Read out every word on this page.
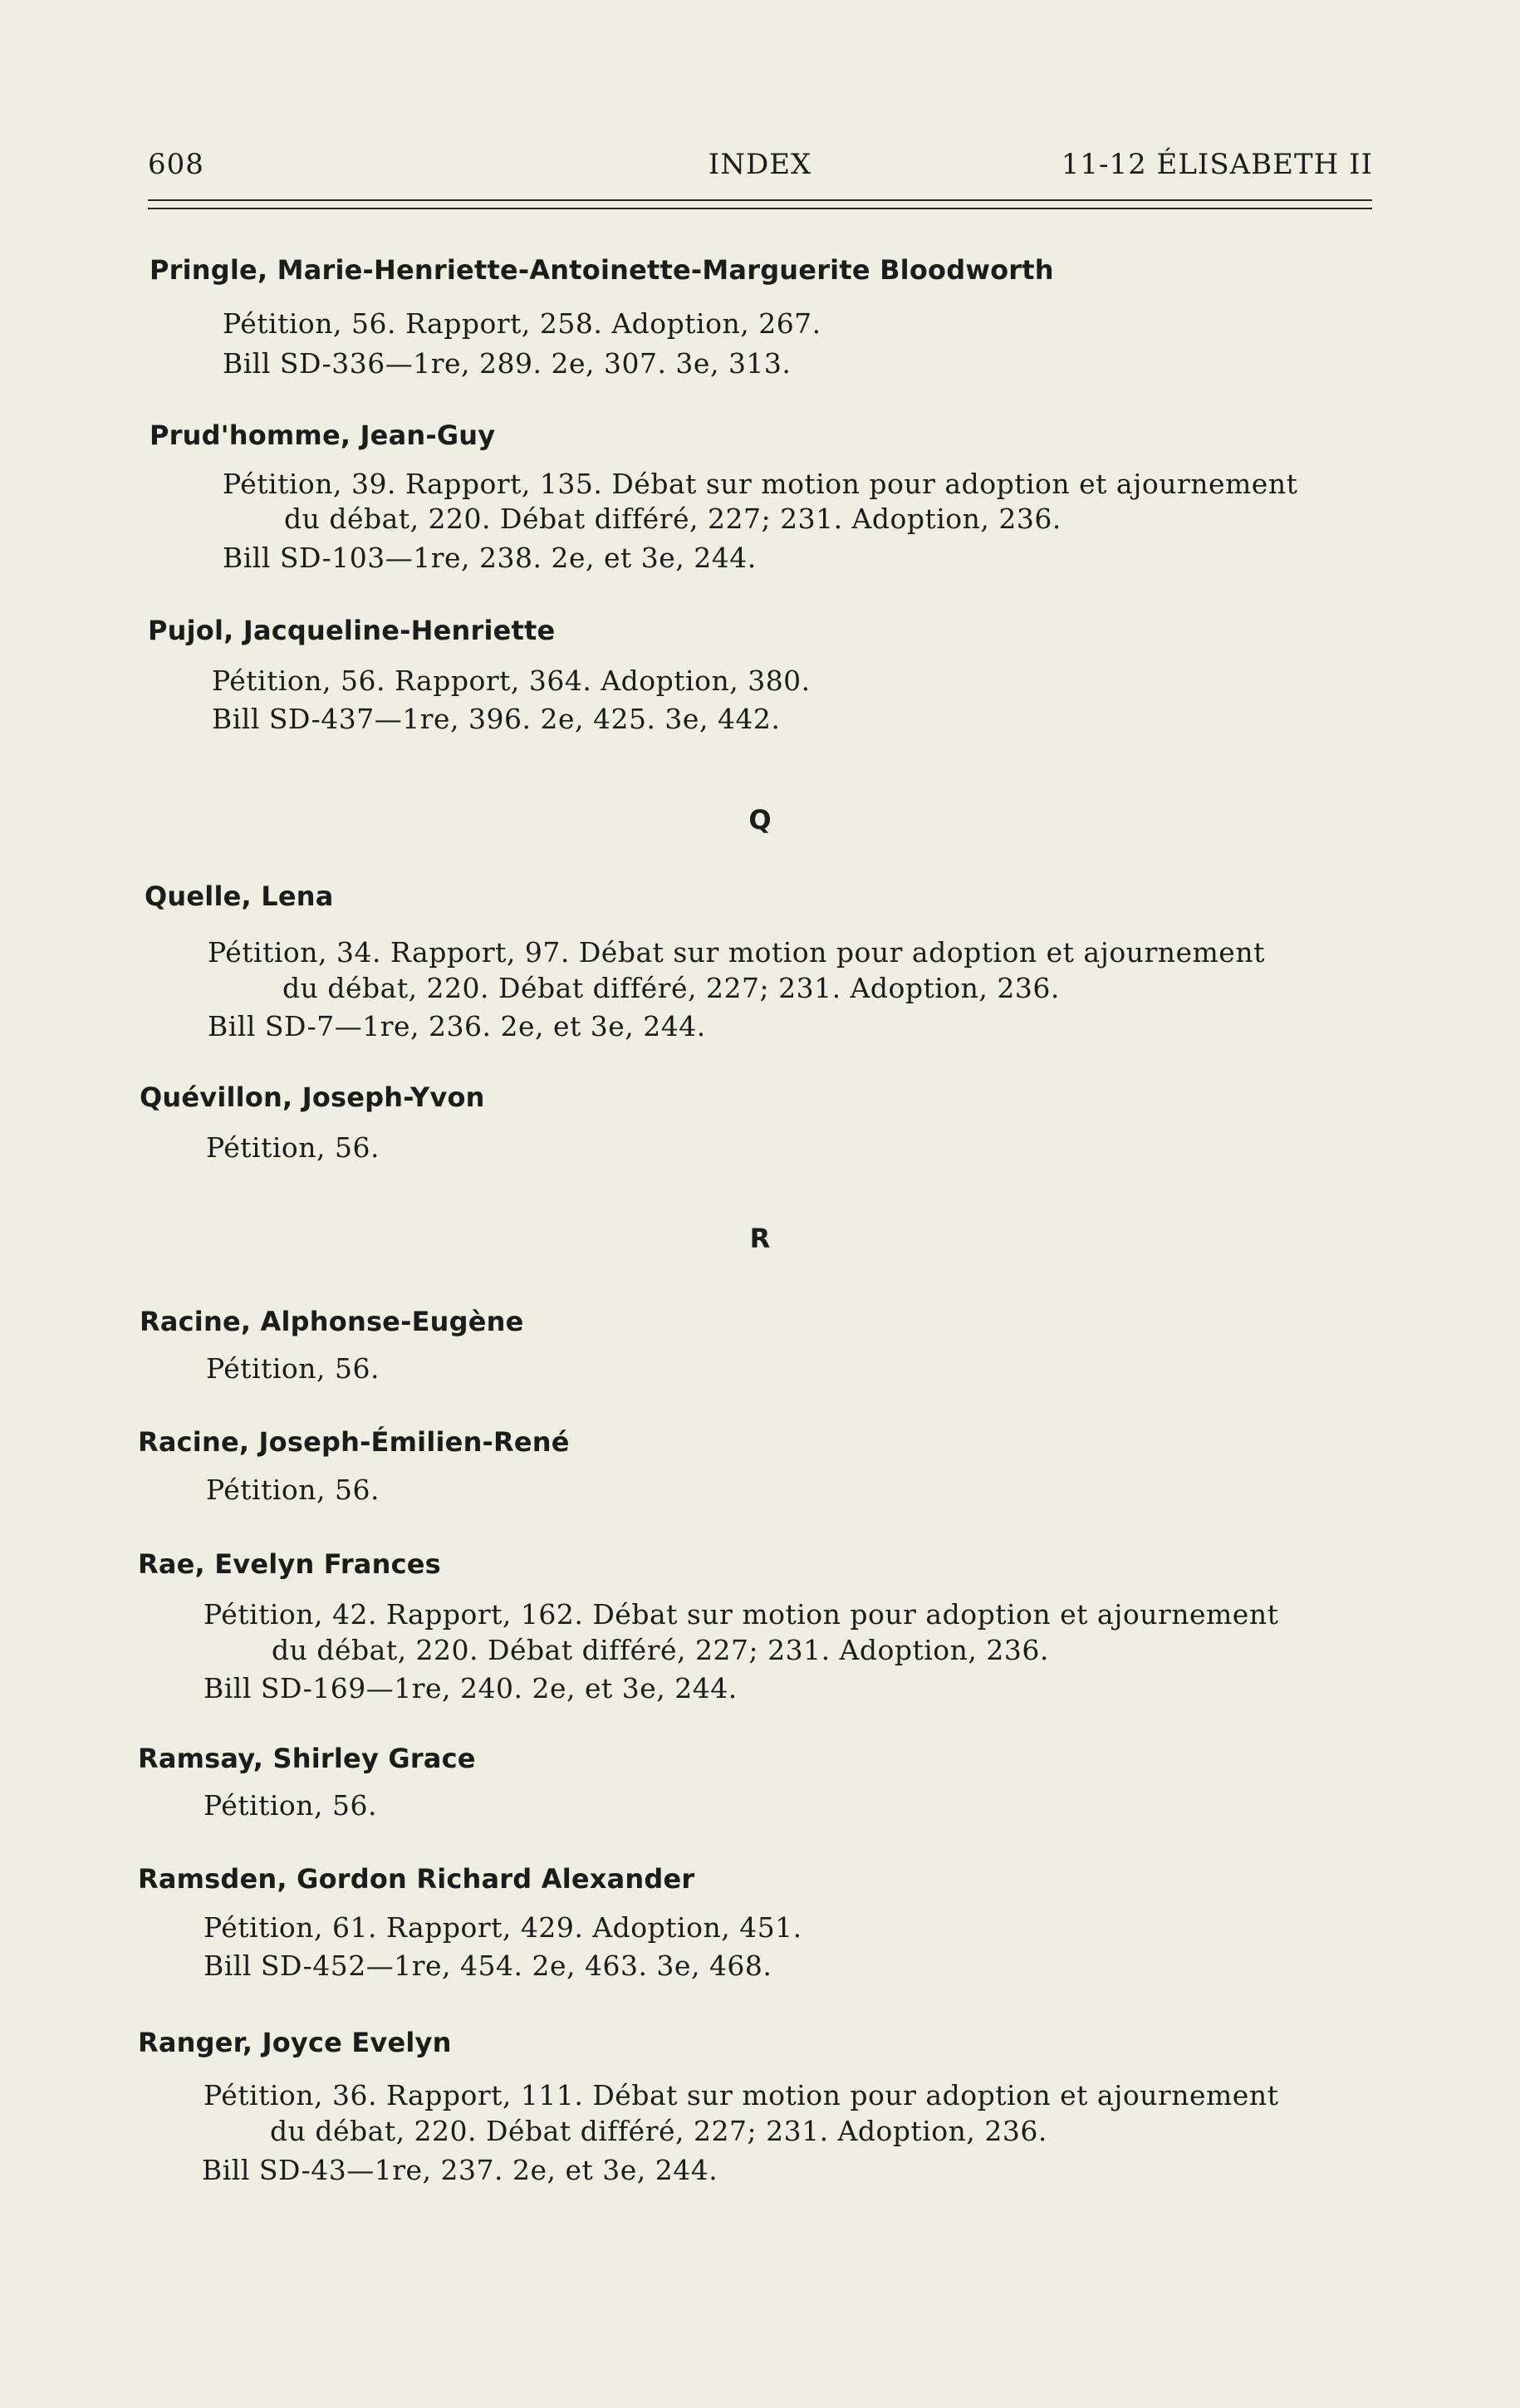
608	INDEX	11-12 ÉLISABETH II
Pringle, Marie-Henriette-Antoinette-Marguerite Bloodworth
Pétition, 56. Rapport, 258. Adoption, 267.
Bill SD-336—1re, 289. 2e, 307. 3e, 313.
Prud'homme, Jean-Guy
Pétition, 39. Rapport, 135. Débat sur motion pour adoption et ajournement
du débat, 220. Débat différé, 227; 231. Adoption, 236.
Bill SD-103—1re, 238. 2e, et 3e, 244.
Pujol, Jacqueline-Henriette
Pétition, 56. Rapport, 364. Adoption, 380.
Bill SD-437—1re, 396. 2e, 425. 3e, 442.
Quelle, Lena
Pétition, 34. Rapport, 97. Débat sur motion pour adoption et ajournement
du débat, 220. Débat différé, 227; 231. Adoption, 236.
Bill SD-7—1re, 236. 2e, et 3e, 244.
Quévillon, Joseph-Yvon
Pétition, 56.
Racine, Alphonse-Eugène
Pétition, 56.
Racine, Joseph-Émilien-René
Pétition, 56.
Rae, Evelyn Frances
Pétition, 42. Rapport, 162. Débat sur motion pour adoption et ajournement
du débat, 220. Débat différé, 227; 231. Adoption, 236.
Bill SD-169—1re, 240. 2e, et 3e, 244.
Ramsay, Shirley Grace
Pétition, 56.
Ramsden, Gordon Richard Alexander
Pétition, 61. Rapport, 429. Adoption, 451.
Bill SD-452—1re, 454. 2e, 463. 3e, 468.
Ranger, Joyce Evelyn
Pétition, 36. Rapport, 111. Débat sur motion pour adoption et ajournement
du débat, 220. Débat différé, 227; 231. Adoption, 236.
Bill SD-43—1re, 237. 2e, et 3e, 244.
Q
R
